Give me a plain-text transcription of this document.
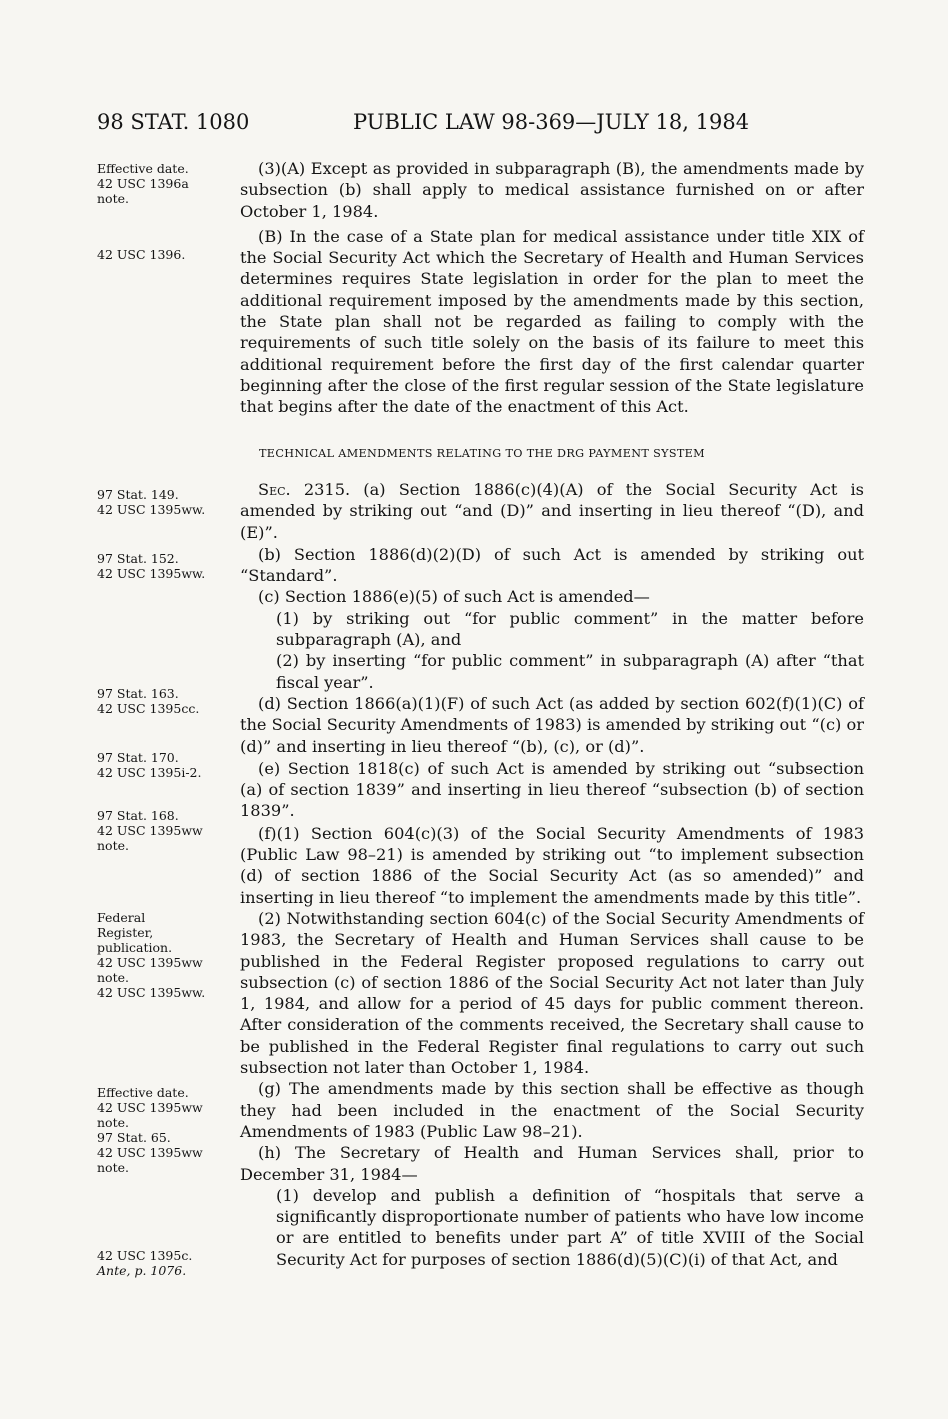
98 STAT. 1080	PUBLIC LAW 98-369—JULY 18, 1984
Effective date.
42 USC 1396a
note.
42 USC 1396.
97 Stat. 149.
42 USC 1395ww.
97 Stat. 152.
42 USC 1395ww.
97 Stat. 163.
42 USC 1395cc.
97 Stat. 170.
42 USC 1395i-2.
97 Stat. 168.
42 USC 1395ww
note.
Federal
Register,
publication.
42 USC 1395ww
note.
42 USC 1395ww.
Effective date.
42 USC 1395ww
note.
97 Stat. 65.
42 USC 1395ww
note.
42 USC 1395c.
Ante, p. 1076.

(3)(A) Except as provided in subparagraph (B), the amendments made by subsection (b) shall apply to medical assistance furnished on or after October 1, 1984.

(B) In the case of a State plan for medical assistance under title XIX of the Social Security Act which the Secretary of Health and Human Services determines requires State legislation in order for the plan to meet the additional requirement imposed by the amendments made by this section, the State plan shall not be regarded as failing to comply with the requirements of such title solely on the basis of its failure to meet this additional requirement before the first day of the first calendar quarter beginning after the close of the first regular session of the State legislature that begins after the date of the enactment of this Act.

TECHNICAL AMENDMENTS RELATING TO THE DRG PAYMENT SYSTEM

Sec. 2315. (a) Section 1886(c)(4)(A) of the Social Security Act is amended by striking out “and (D)” and inserting in lieu thereof “(D), and (E)”.

(b) Section 1886(d)(2)(D) of such Act is amended by striking out “Standard”.

(c) Section 1886(e)(5) of such Act is amended—

(1) by striking out “for public comment” in the matter before subparagraph (A), and

(2) by inserting “for public comment” in subparagraph (A) after “that fiscal year”.

(d) Section 1866(a)(1)(F) of such Act (as added by section 602(f)(1)(C) of the Social Security Amendments of 1983) is amended by striking out “(c) or (d)” and inserting in lieu thereof “(b), (c), or (d)”.

(e) Section 1818(c) of such Act is amended by striking out “subsection (a) of section 1839” and inserting in lieu thereof “subsection (b) of section 1839”.

(f)(1) Section 604(c)(3) of the Social Security Amendments of 1983 (Public Law 98–21) is amended by striking out “to implement subsection (d) of section 1886 of the Social Security Act (as so amended)” and inserting in lieu thereof “to implement the amendments made by this title”.

(2) Notwithstanding section 604(c) of the Social Security Amendments of 1983, the Secretary of Health and Human Services shall cause to be published in the Federal Register proposed regulations to carry out subsection (c) of section 1886 of the Social Security Act not later than July 1, 1984, and allow for a period of 45 days for public comment thereon. After consideration of the comments received, the Secretary shall cause to be published in the Federal Register final regulations to carry out such subsection not later than October 1, 1984.

(g) The amendments made by this section shall be effective as though they had been included in the enactment of the Social Security Amendments of 1983 (Public Law 98–21).

(h) The Secretary of Health and Human Services shall, prior to December 31, 1984—

(1) develop and publish a definition of “hospitals that serve a significantly disproportionate number of patients who have low income or are entitled to benefits under part A” of title XVIII of the Social Security Act for purposes of section 1886(d)(5)(C)(i) of that Act, and
